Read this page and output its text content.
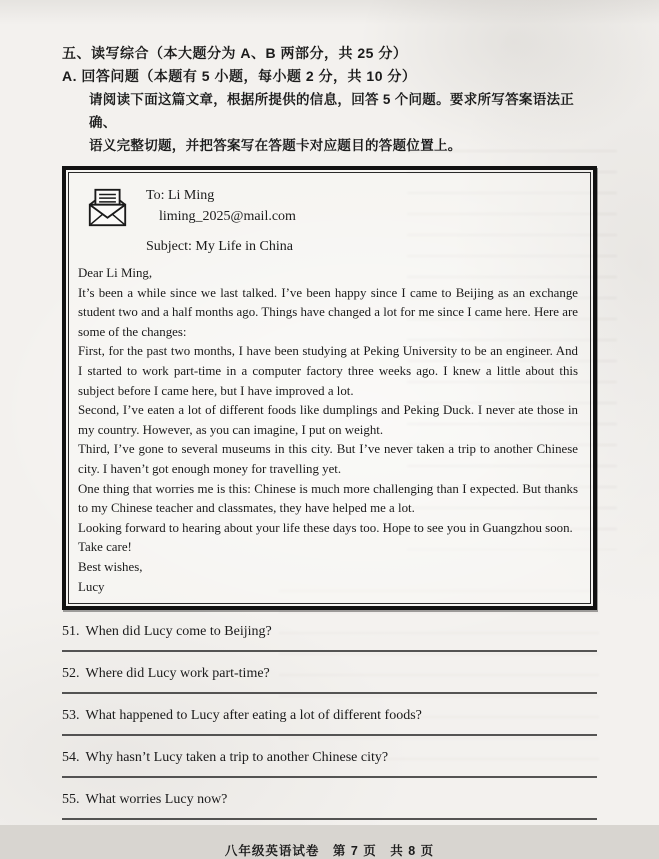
五、读写综合（本大题分为 A、B 两部分，共 25 分）
A. 回答问题（本题有 5 小题，每小题 2 分，共 10 分）
请阅读下面这篇文章，根据所提供的信息，回答 5 个问题。要求所写答案语法正确、
语义完整切题，并把答案写在答题卡对应题目的答题位置上。
To: Li Ming
liming_2025@mail.com
Subject: My Life in China
Dear Li Ming,

It’s been a while since we last talked. I’ve been happy since I came to Beijing as an exchange student two and a half months ago. Things have changed a lot for me since I came here. Here are some of the changes:

First, for the past two months, I have been studying at Peking University to be an engineer. And I started to work part-time in a computer factory three weeks ago. I knew a little about this subject before I came here, but I have improved a lot.

Second, I’ve eaten a lot of different foods like dumplings and Peking Duck. I never ate those in my country. However, as you can imagine, I put on weight.

Third, I’ve gone to several museums in this city. But I’ve never taken a trip to another Chinese city. I haven’t got enough money for travelling yet.

One thing that worries me is this: Chinese is much more challenging than I expected. But thanks to my Chinese teacher and classmates, they have helped me a lot.

Looking forward to hearing about your life these days too. Hope to see you in Guangzhou soon.

Take care!
Best wishes,
Lucy
51. When did Lucy come to Beijing?
52. Where did Lucy work part-time?
53. What happened to Lucy after eating a lot of different foods?
54. Why hasn’t Lucy taken a trip to another Chinese city?
55. What worries Lucy now?
八年级英语试卷　第 7 页　共 8 页
